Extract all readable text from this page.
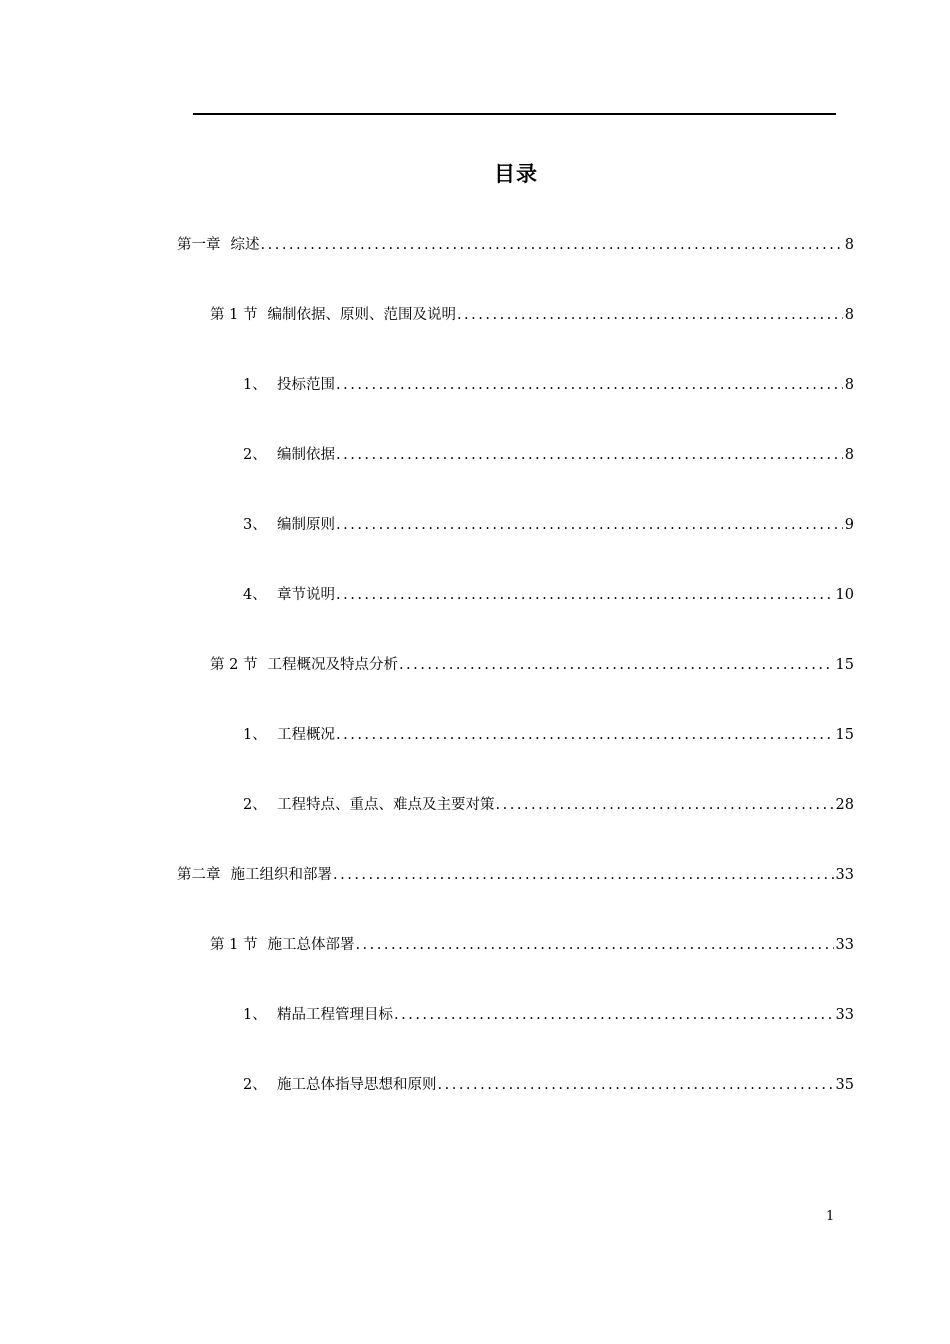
目录
第一章 综述 .....	8
第 1 节 编制依据、原则、范围及说明 .....	8
1、 投标范围 .....	8
2、 编制依据 .....	8
3、 编制原则 .....	9
4、 章节说明 .....	10
第 2 节 工程概况及特点分析 .....	15
1、 工程概况 .....	15
2、 工程特点、重点、难点及主要对策 .....	28
第二章 施工组织和部署 .....	33
第 1 节 施工总体部署 .....	33
1、 精品工程管理目标 .....	33
2、 施工总体指导思想和原则 .....	35
1
